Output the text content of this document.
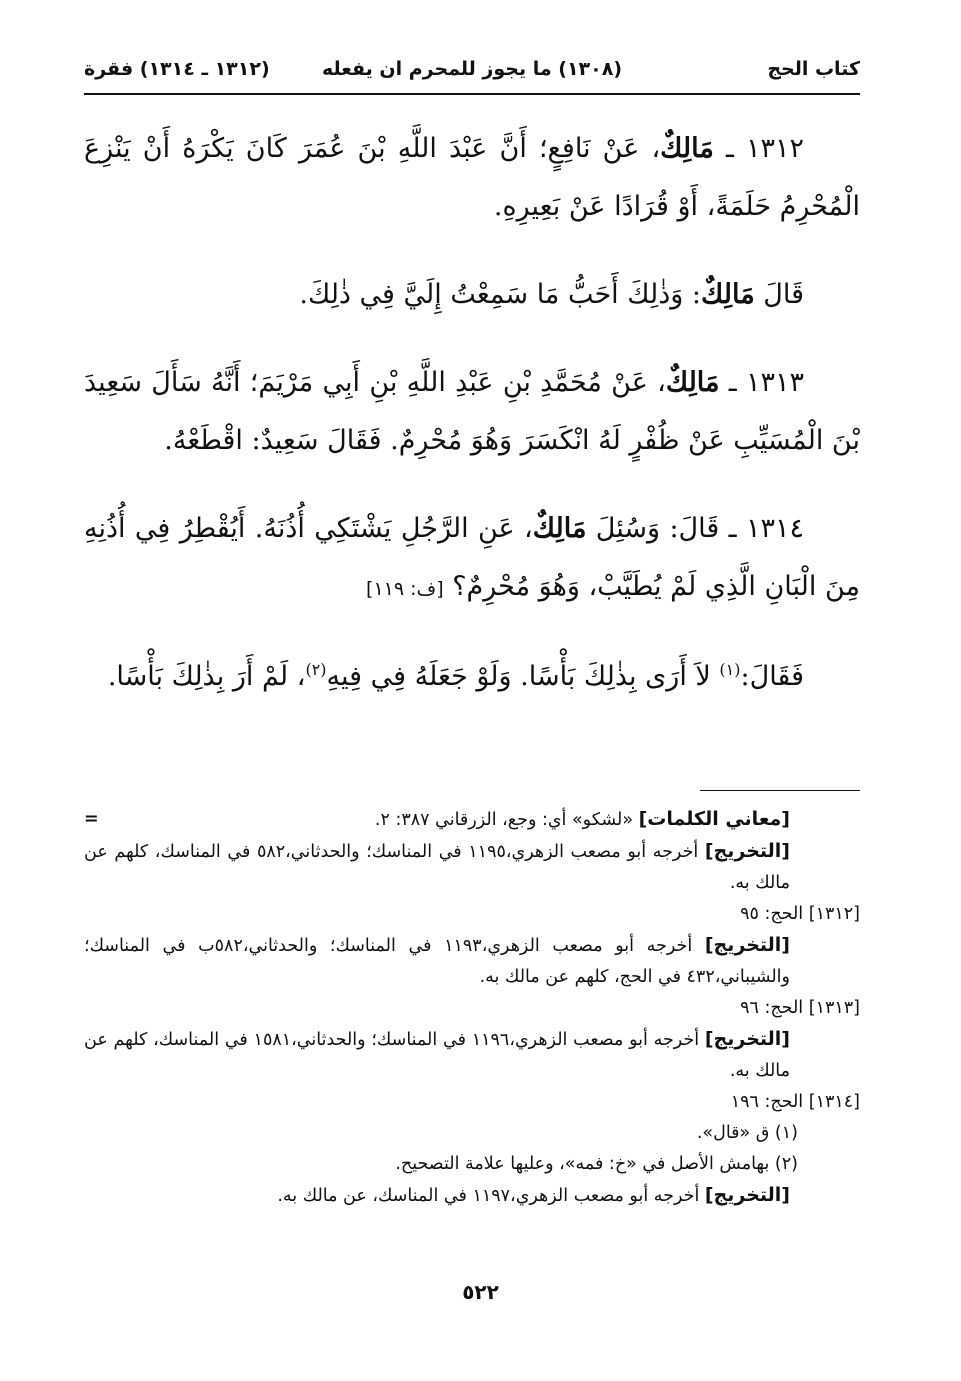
كتاب الحج
(١٣٠٨) ما يجوز للمحرم ان يفعله
(١٣١٢ ـ ١٣١٤) فقرة

١٣١٢ ـ مَالِكٌ، عَنْ نَافِعٍ؛ أَنَّ عَبْدَ اللَّهِ بْنَ عُمَرَ كَانَ يَكْرَهُ أَنْ يَنْزِعَ الْمُحْرِمُ حَلَمَةً، أَوْ قُرَادًا عَنْ بَعِيرِهِ.

قَالَ مَالِكٌ: وَذٰلِكَ أَحَبُّ مَا سَمِعْتُ إِلَيَّ فِي ذٰلِكَ.

١٣١٣ ـ مَالِكٌ، عَنْ مُحَمَّدِ بْنِ عَبْدِ اللَّهِ بْنِ أَبِي مَرْيَمَ؛ أَنَّهُ سَأَلَ سَعِيدَ بْنَ الْمُسَيِّبِ عَنْ ظُفْرٍ لَهُ انْكَسَرَ وَهُوَ مُحْرِمٌ. فَقَالَ سَعِيدٌ: اقْطَعْهُ.

١٣١٤ ـ قَالَ: وَسُئِلَ مَالِكٌ، عَنِ الرَّجُلِ يَشْتَكِي أُذُنَهُ. أَيُقْطِرُ فِي أُذُنِهِ مِنَ الْبَانِ الَّذِي لَمْ يُطَيَّبْ، وَهُوَ مُحْرِمٌ؟ [ف: ١١٩]

فَقَالَ:$^{(١)}$ لاَ أَرَى بِذٰلِكَ بَأْسًا. وَلَوْ جَعَلَهُ فِي فِيهِ$^{(٢)}$، لَمْ أَرَ بِذٰلِكَ بَأْسًا.

=	[معاني الكلمات] «لشكو» أي: وجع، الزرقاني ٣٨٧: ٢.

[التخريج] أخرجه أبو مصعب الزهري،١١٩٥ في المناسك؛ والحدثاني،٥٨٢ في المناسك، كلهم عن مالك به.

[١٣١٢] الحج: ٩٥

[التخريج] أخرجه أبو مصعب الزهري،١١٩٣ في المناسك؛ والحدثاني،٥٨٢ب في المناسك؛ والشيباني،٤٣٢ في الحج، كلهم عن مالك به.

[١٣١٣] الحج: ٩٦

[التخريج] أخرجه أبو مصعب الزهري،١١٩٦ في المناسك؛ والحدثاني،١٥٨١ في المناسك، كلهم عن مالك به.

[١٣١٤] الحج: ١٩٦

(١) ق «قال».

(٢) بهامش الأصل في «خ: فمه»، وعليها علامة التصحيح.

[التخريج] أخرجه أبو مصعب الزهري،١١٩٧ في المناسك، عن مالك به.

٥٢٢
